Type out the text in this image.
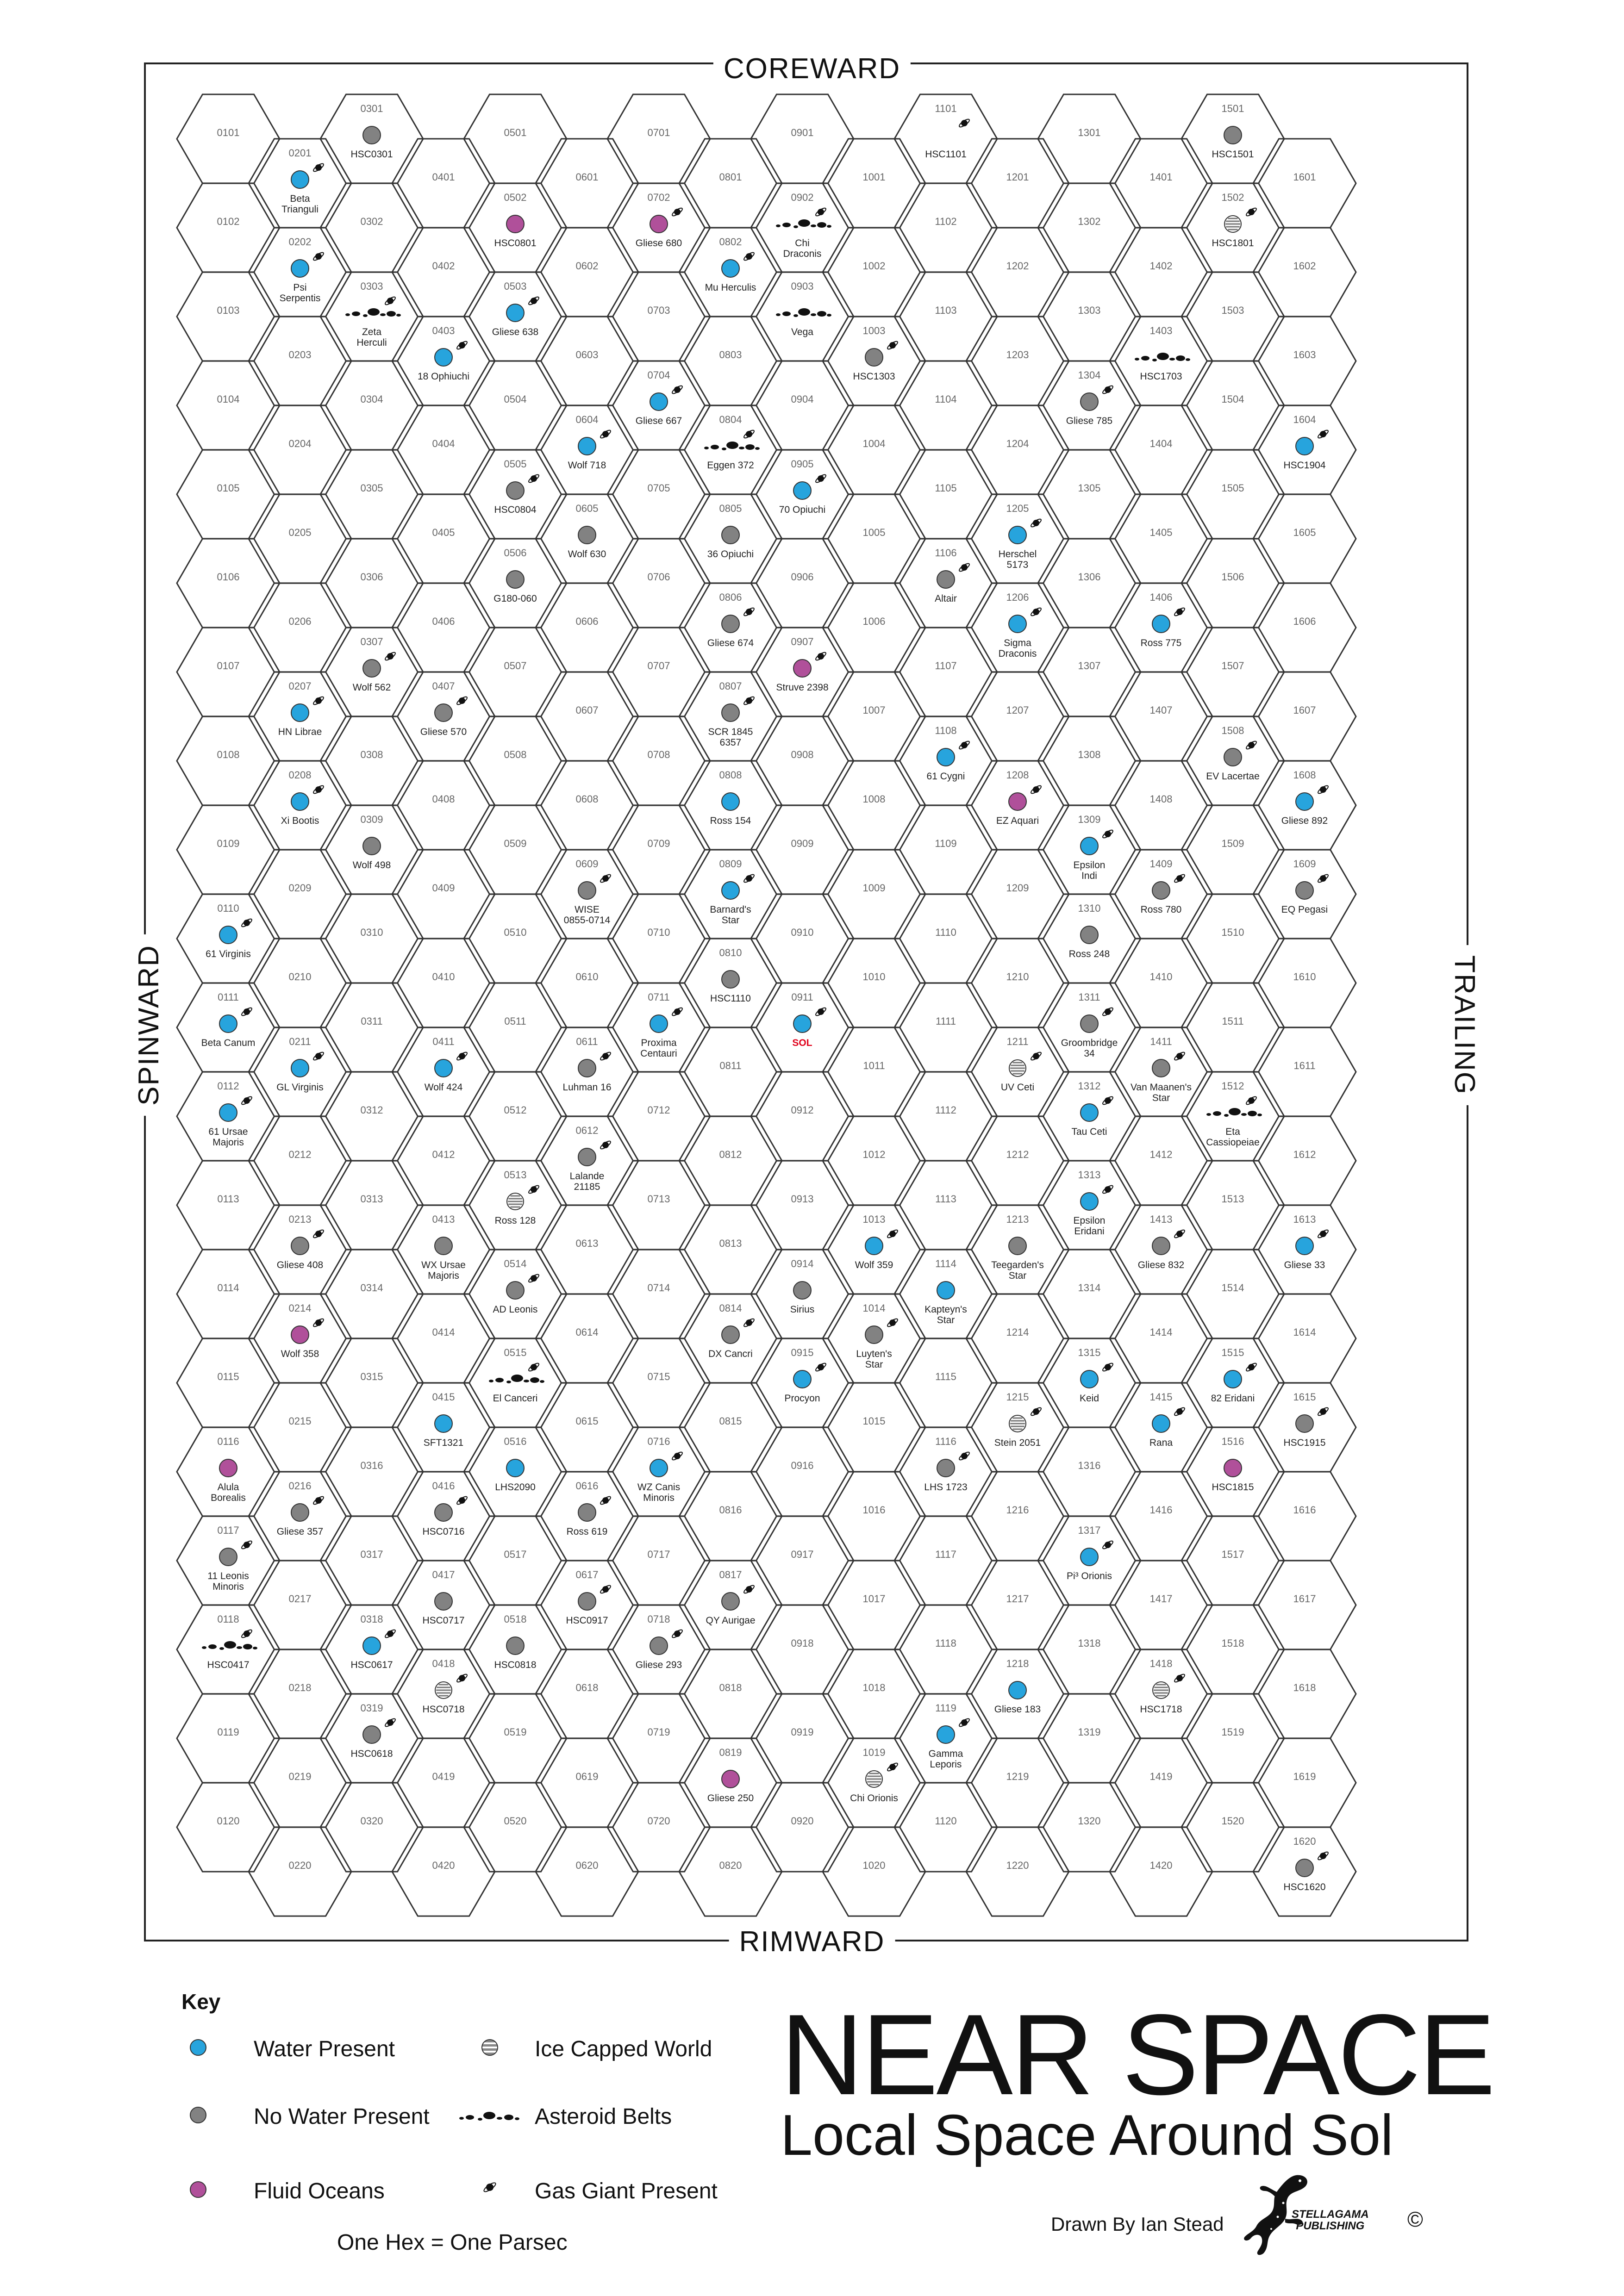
0101
0102
0103
0104
0105
0106
0107
0108
0109
0110
0111
0112
0113
0114
0115
0116
0117
0118
0119
0120
0201
0202
0203
0204
0205
0206
0207
0208
0209
0210
0211
0212
0213
0214
0215
0216
0217
0218
0219
0220
0301
0302
0303
0304
0305
0306
0307
0308
0309
0310
0311
0312
0313
0314
0315
0316
0317
0318
0319
0320
0401
0402
0403
0404
0405
0406
0407
0408
0409
0410
0411
0412
0413
0414
0415
0416
0417
0418
0419
0420
0501
0502
0503
0504
0505
0506
0507
0508
0509
0510
0511
0512
0513
0514
0515
0516
0517
0518
0519
0520
0601
0602
0603
0604
0605
0606
0607
0608
0609
0610
0611
0612
0613
0614
0615
0616
0617
0618
0619
0620
0701
0702
0703
0704
0705
0706
0707
0708
0709
0710
0711
0712
0713
0714
0715
0716
0717
0718
0719
0720
0801
0802
0803
0804
0805
0806
0807
0808
0809
0810
0811
0812
0813
0814
0815
0816
0817
0818
0819
0820
0901
0902
0903
0904
0905
0906
0907
0908
0909
0910
0911
0912
0913
0914
0915
0916
0917
0918
0919
0920
1001
1002
1003
1004
1005
1006
1007
1008
1009
1010
1011
1012
1013
1014
1015
1016
1017
1018
1019
1020
1101
1102
1103
1104
1105
1106
1107
1108
1109
1110
1111
1112
1113
1114
1115
1116
1117
1118
1119
1120
1201
1202
1203
1204
1205
1206
1207
1208
1209
1210
1211
1212
1213
1214
1215
1216
1217
1218
1219
1220
1301
1302
1303
1304
1305
1306
1307
1308
1309
1310
1311
1312
1313
1314
1315
1316
1317
1318
1319
1320
1401
1402
1403
1404
1405
1406
1407
1408
1409
1410
1411
1412
1413
1414
1415
1416
1417
1418
1419
1420
1501
1502
1503
1504
1505
1506
1507
1508
1509
1510
1511
1512
1513
1514
1515
1516
1517
1518
1519
1520
1601
1602
1603
1604
1605
1606
1607
1608
1609
1610
1611
1612
1613
1614
1615
1616
1617
1618
1619
1620
HSC0301	HSC1101	HSC1501
Beta Trianguli
HSC0801	Gliese 680	Chi Draconis
HSC1801
Psi Serpentis
Zeta Herculi
Gliese 638
Mu Herculis
Vega
18 Ophiuchi	HSC1303	HSC1703
Gliese 667
Eggen 372
Gliese 785
Wolf 718	HSC1904
HSC0804	70 Opiuchi
Wolf 630	36 Opiuchi	Herschel 5173
G180-060	Altair
Gliese 674	Sigma Draconis
Ross 775
Wolf 562	Struve 2398
HN Librae	Gliese 570	SCR 1845 6357
61 Cygni	EV Lacertae
Xi Bootis	Ross 154	EZ Aquari	Gliese 892
Wolf 498	Epsilon Indi
WISE 0855-0714
Barnard's Star
Ross 780	EQ Pegasi
61 Virginis	Ross 248
HSC1110
Beta Canum	Proxima Centauri
SOL	Groombridge 34
GL Virginis	Wolf 424	Luhman 16	UV Ceti	Van Maanen's Star
61 Ursae Majoris
Tau Ceti	Eta Cassiopeiae
Lalande 21185
Ross 128	Epsilon Eridani
Gliese 408	WX Ursae Majoris
Wolf 359	Teegarden's Star
Gliese 832	Gliese 33
AD Leonis	Sirius	Kapteyn's Star
Wolf 358	DX Cancri	Luyten's Star
El Canceri	Procyon	Keid	82 Eridani
SFT1321	Stein 2051	Rana	HSC1915
Alula Borealis
LHS2090	WZ Canis Minoris
LHS 1723	HSC1815
Gliese 357	HSC0716	Ross 619
11 Leonis Minoris
Pi³ Orionis
HSC0717	HSC0917	QY Aurigae
HSC0417	HSC0617	HSC0818	Gliese 293
HSC0718	Gliese 183	HSC1718
HSC0618	Gamma Leporis
Gliese 250	Chi Orionis
HSC1620
COREWARD
RIMWARD
SPINWARD	TRAILING
Key
Water Present
No Water Present
Fluid Oceans
Ice Capped World
Asteroid Belts
Gas Giant Present
One Hex = One Parsec
NEAR SPACE
Local Space Around Sol
Drawn By Ian Stead	STELLAGAMA
PUBLISHING ©
